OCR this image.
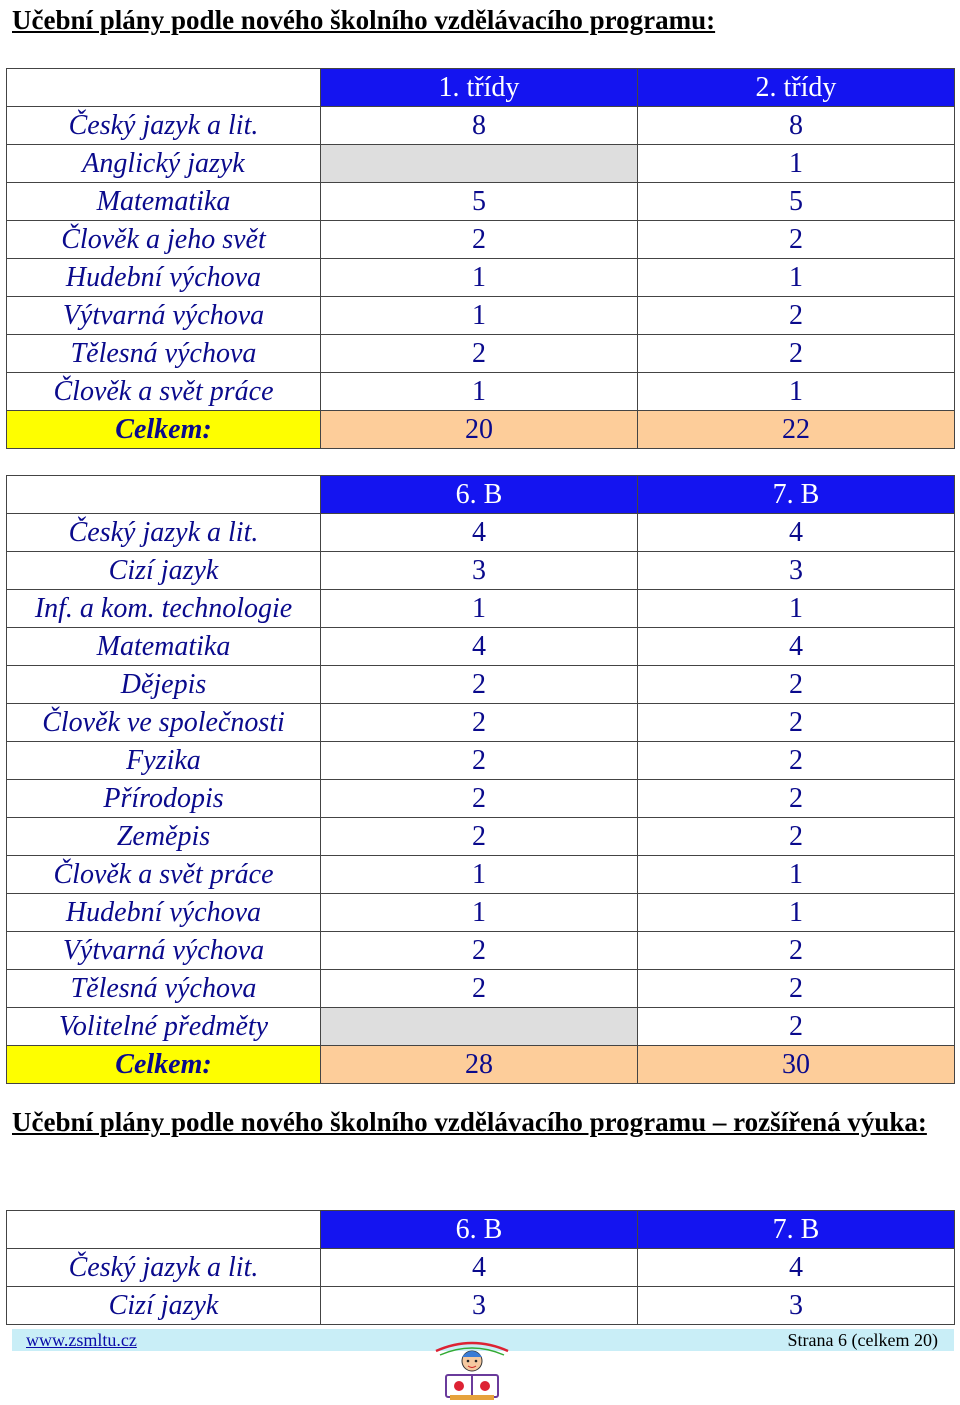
Učební plány podle nového školního vzdělávacího programu:
	1. třídy	2. třídy
Český jazyk a lit.	8	8
Anglický jazyk		1
Matematika	5	5
Člověk a jeho svět	2	2
Hudební výchova	1	1
Výtvarná výchova	1	2
Tělesná výchova	2	2
Člověk a svět práce	1	1
Celkem:	20	22
	6. B	7. B
Český jazyk a lit.	4	4
Cizí jazyk	3	3
Inf. a kom. technologie	1	1
Matematika	4	4
Dějepis	2	2
Člověk ve společnosti	2	2
Fyzika	2	2
Přírodopis	2	2
Zeměpis	2	2
Člověk a svět práce	1	1
Hudební výchova	1	1
Výtvarná výchova	2	2
Tělesná výchova	2	2
Volitelné předměty		2
Celkem:	28	30
Učební plány podle nového školního vzdělávacího programu – rozšířená výuka:
	6. B	7. B
Český jazyk a lit.	4	4
Cizí jazyk	3	3
www.zsmltu.cz	Strana 6 (celkem 20)
